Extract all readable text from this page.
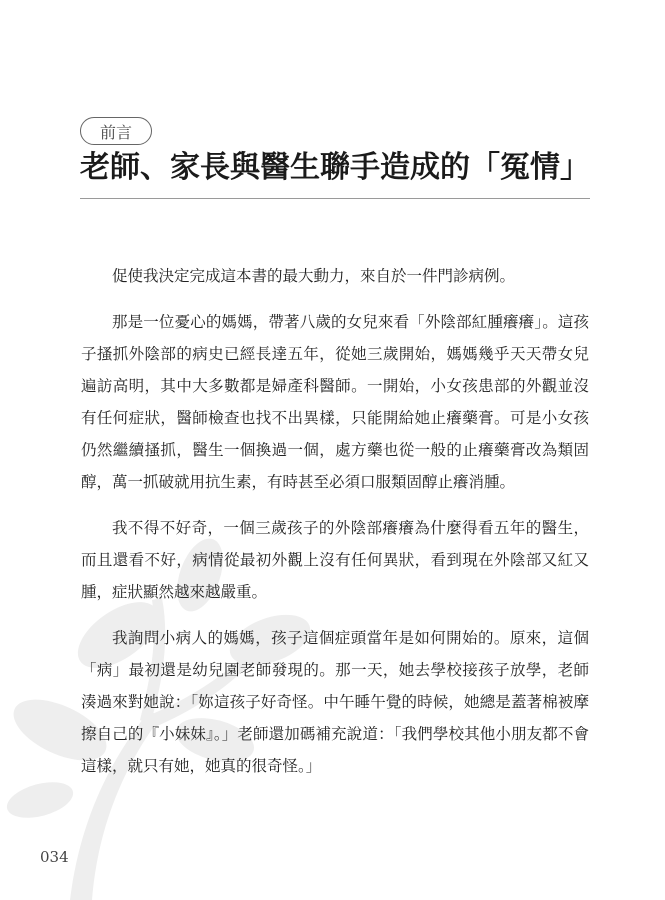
前言
老師、家長與醫生聯手造成的「冤情」

促使我決定完成這本書的最大動力，來自於一件門診病例。

那是一位憂心的媽媽，帶著八歲的女兒來看「外陰部紅腫癢癢」。這孩子搔抓外陰部的病史已經長達五年，從她三歲開始，媽媽幾乎天天帶女兒遍訪高明，其中大多數都是婦產科醫師。一開始，小女孩患部的外觀並沒有任何症狀，醫師檢查也找不出異樣，只能開給她止癢藥膏。可是小女孩仍然繼續搔抓，醫生一個換過一個，處方藥也從一般的止癢藥膏改為類固醇，萬一抓破就用抗生素，有時甚至必須口服類固醇止癢消腫。

我不得不好奇，一個三歲孩子的外陰部癢癢為什麼得看五年的醫生，而且還看不好，病情從最初外觀上沒有任何異狀，看到現在外陰部又紅又腫，症狀顯然越來越嚴重。

我詢問小病人的媽媽，孩子這個症頭當年是如何開始的。原來，這個「病」最初還是幼兒園老師發現的。那一天，她去學校接孩子放學，老師湊過來對她說：「妳這孩子好奇怪。中午睡午覺的時候，她總是蓋著棉被摩擦自己的『小妹妹』。」老師還加碼補充說道：「我們學校其他小朋友都不會這樣，就只有她，她真的很奇怪。」

034
